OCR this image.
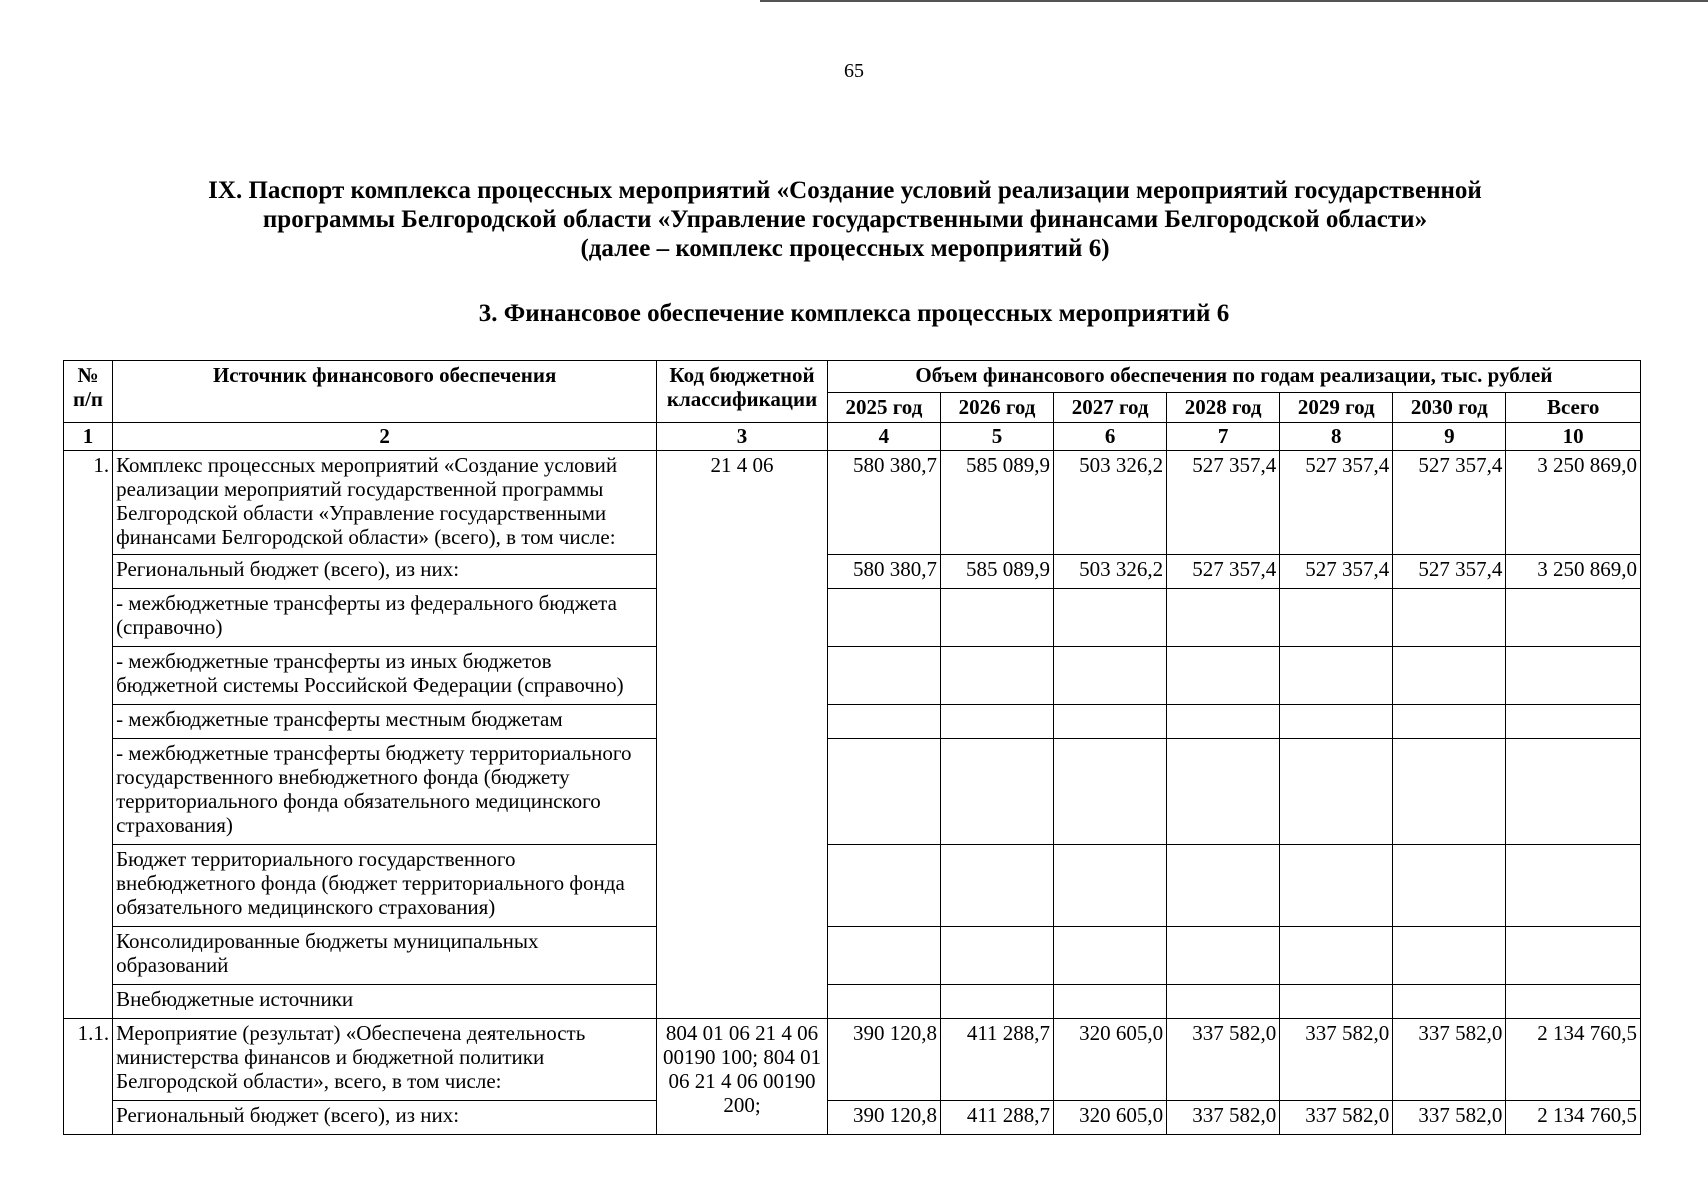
65
IX. Паспорт комплекса процессных мероприятий «Создание условий реализации мероприятий государственной
программы Белгородской области «Управление государственными финансами Белгородской области»
(далее – комплекс процессных мероприятий 6)
3. Финансовое обеспечение комплекса процессных мероприятий 6
№ п/п	Источник финансового обеспечения	Код бюджетной классификации	Объем финансового обеспечения по годам реализации, тыс. рублей						
			2025 год	2026 год	2027 год	2028 год	2029 год	2030 год	Всего
1	2	3	4	5	6	7	8	9	10
1.	Комплекс процессных мероприятий «Создание условий реализации мероприятий государственной программы Белгородской области «Управление государственными финансами Белгородской области» (всего), в том числе:	21 4 06	580 380,7	585 089,9	503 326,2	527 357,4	527 357,4	527 357,4	3 250 869,0
	Региональный бюджет (всего), из них:		580 380,7	585 089,9	503 326,2	527 357,4	527 357,4	527 357,4	3 250 869,0
	- межбюджетные трансферты из федерального бюджета (справочно)								
	- межбюджетные трансферты из иных бюджетов бюджетной системы Российской Федерации (справочно)								
	- межбюджетные трансферты местным бюджетам								
	- межбюджетные трансферты бюджету территориального государственного внебюджетного фонда (бюджету территориального фонда обязательного медицинского страхования)								
	Бюджет территориального государственного внебюджетного фонда (бюджет территориального фонда обязательного медицинского страхования)								
	Консолидированные бюджеты муниципальных образований								
	Внебюджетные источники								
1.1.	Мероприятие (результат) «Обеспечена деятельность министерства финансов и бюджетной политики Белгородской области», всего, в том числе:	804 01 06 21 4 06 00190 100; 804 01 06 21 4 06 00190 200;	390 120,8	411 288,7	320 605,0	337 582,0	337 582,0	337 582,0	2 134 760,5
	Региональный бюджет (всего), из них:		390 120,8	411 288,7	320 605,0	337 582,0	337 582,0	337 582,0	2 134 760,5
